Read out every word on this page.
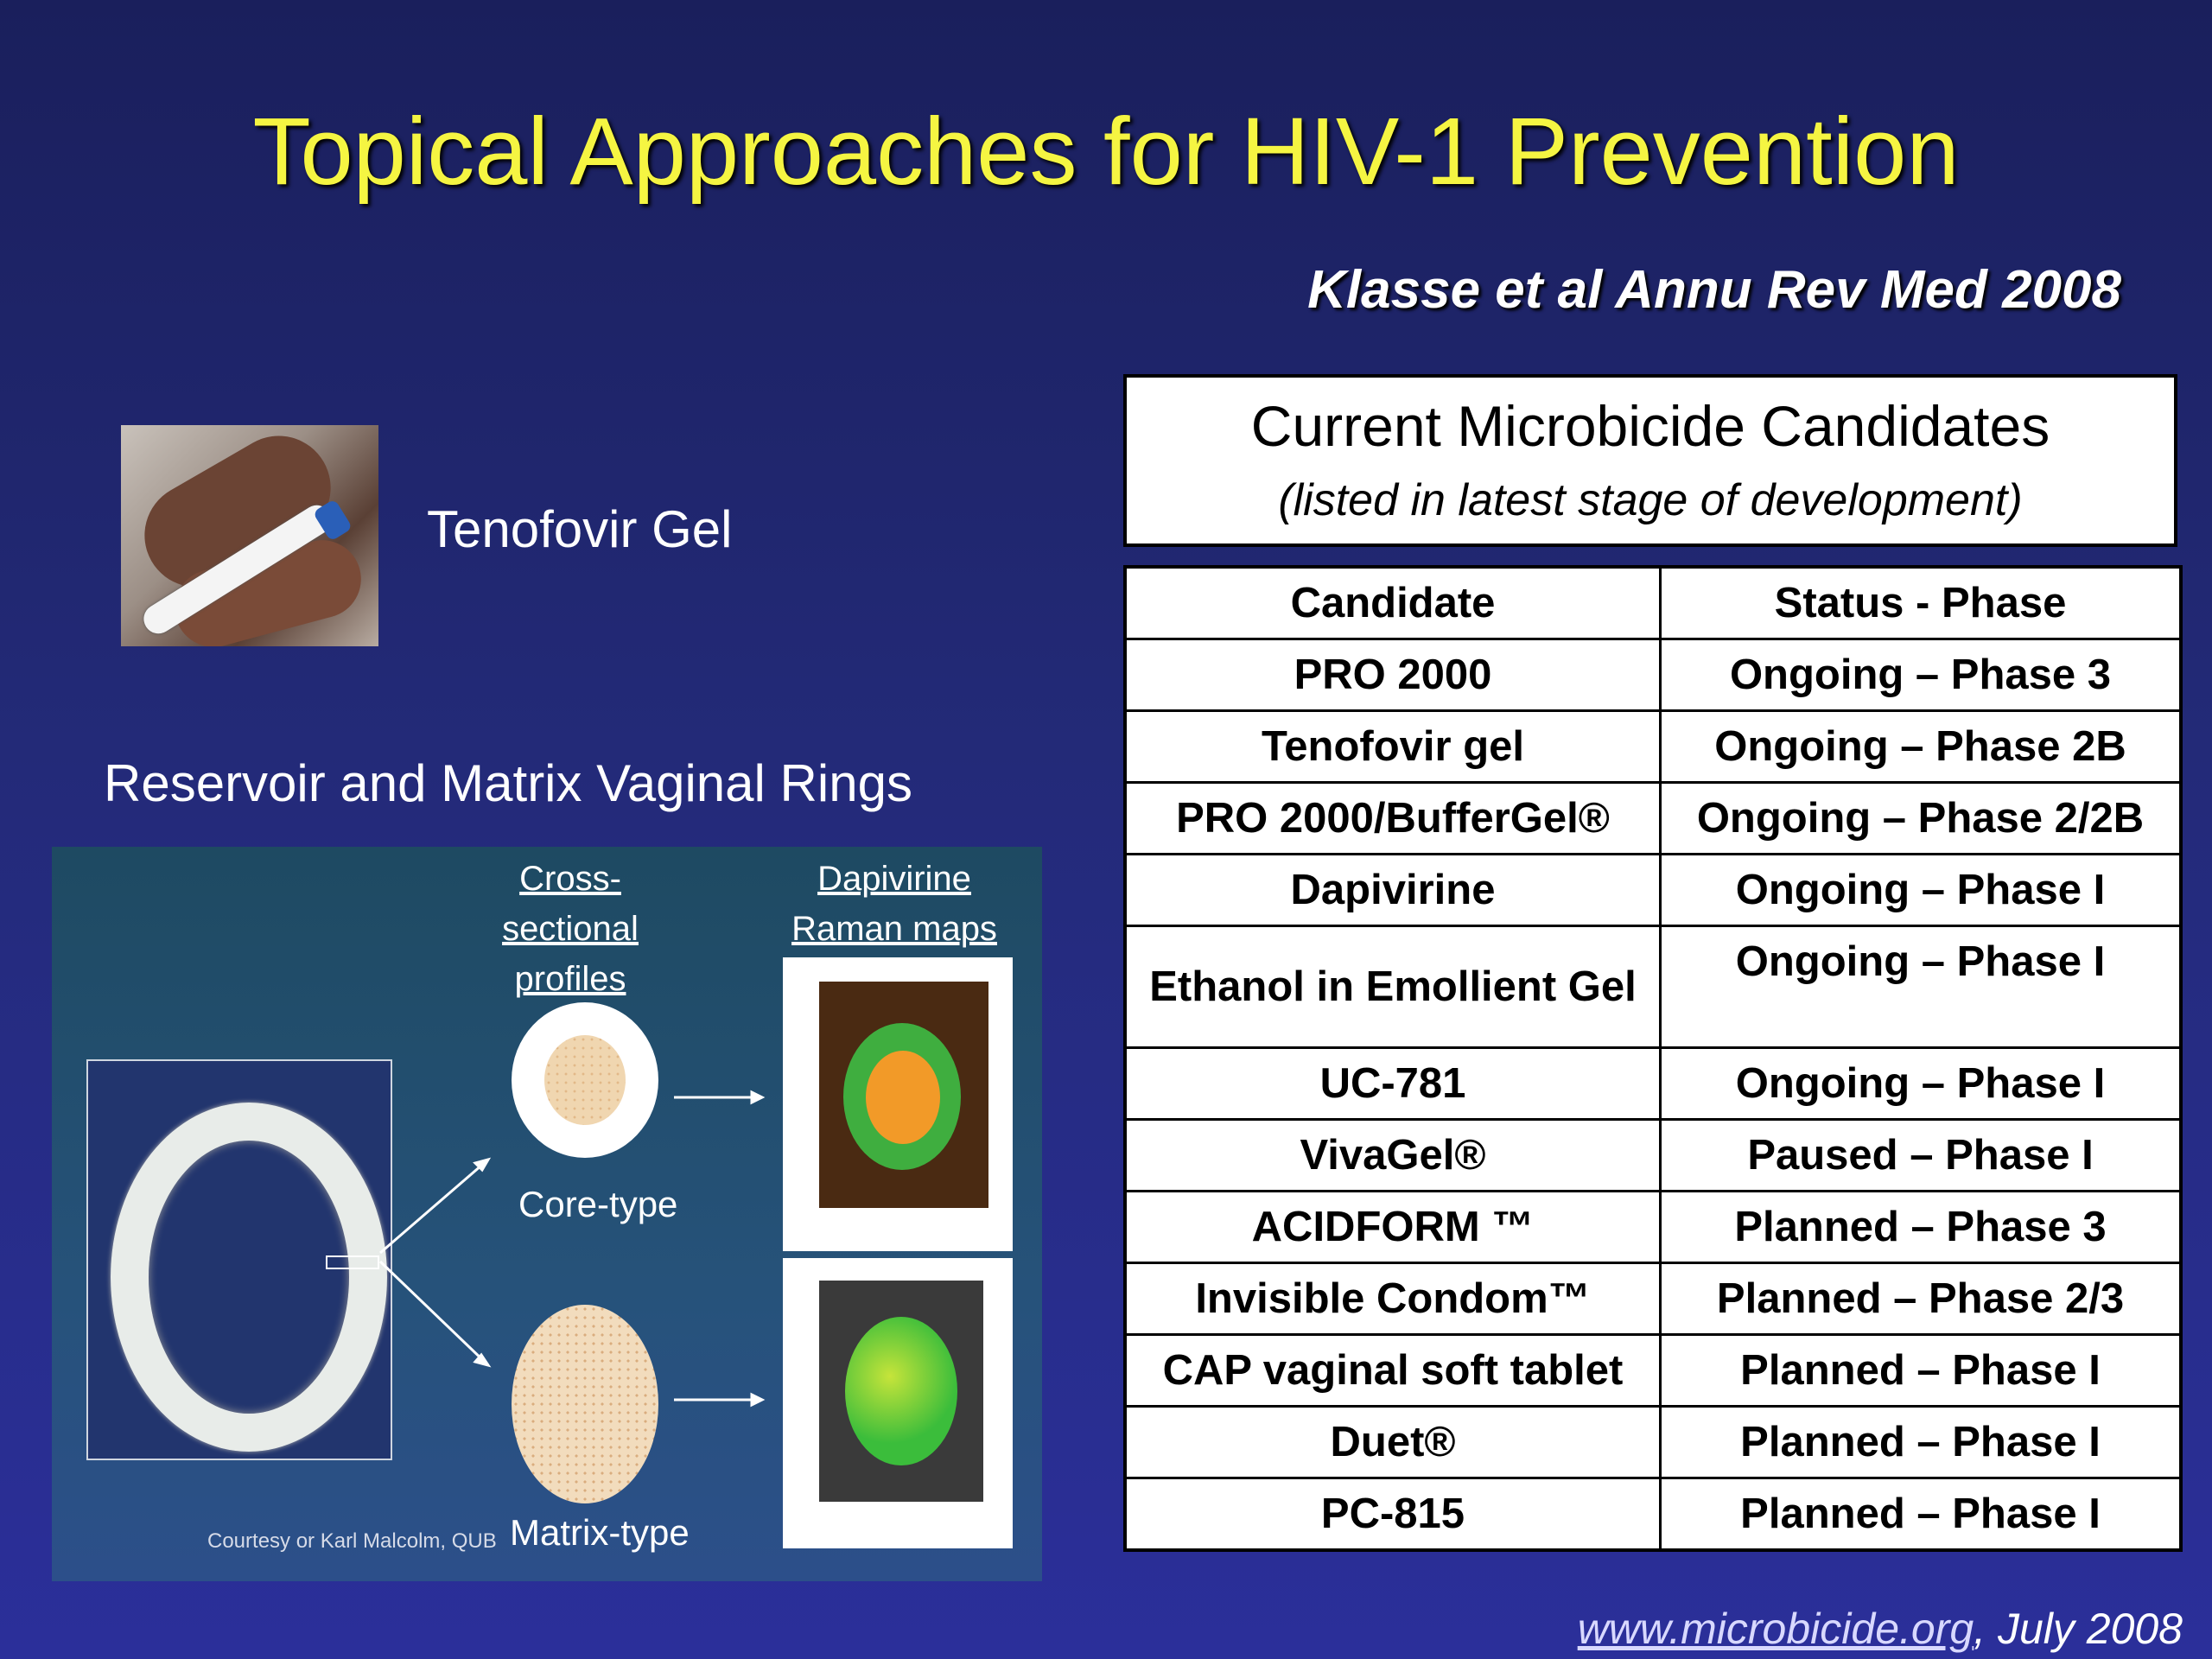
Topical Approaches for HIV-1 Prevention
Klasse et al Annu Rev Med 2008
Tenofovir Gel
Reservoir and Matrix Vaginal Rings
Cross-sectional
profiles
Dapivirine
Raman maps
Core-type
Matrix-type
Courtesy or Karl Malcolm, QUB
Current Microbicide Candidates
(listed in latest stage of development)
Candidate	Status - Phase
PRO 2000	Ongoing – Phase 3
Tenofovir gel	Ongoing – Phase 2B
PRO 2000/BufferGel®	Ongoing – Phase 2/2B
Dapivirine	Ongoing – Phase I
Ethanol in Emollient Gel	Ongoing – Phase I
UC-781	Ongoing – Phase I
VivaGel®	Paused – Phase I
ACIDFORM ™	Planned – Phase 3
Invisible Condom™	Planned – Phase 2/3
CAP vaginal soft tablet	Planned – Phase I
Duet®	Planned – Phase I
PC-815	Planned – Phase I
www.microbicide.org, July 2008
